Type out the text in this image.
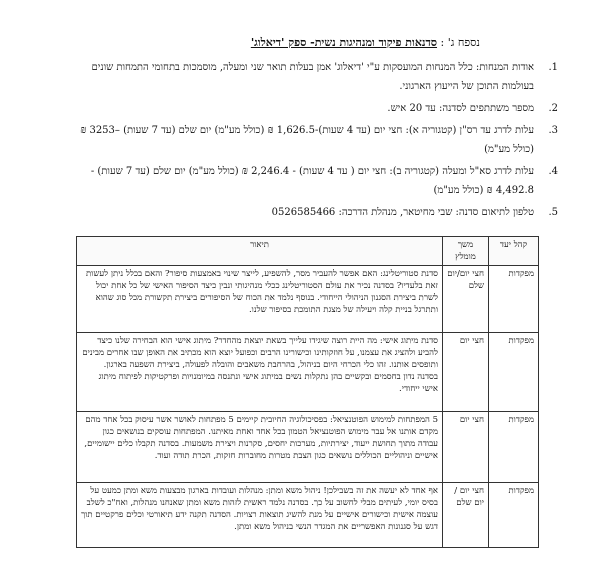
נספח ג' : סדנאות פיקוד ומנהיגות נשית- ספק 'דיאלוג'
1.
אודות המנחות: כלל המנחות המועסקות ע"י 'דיאלוג' אמן בעלות תואר שני ומעלה, מוסמכות בתחומי התמחות שונים בעולמות התוכן של הייעוץ הארגוני.
2.
מספר משתתפים לסדנה: עד 20 איש.
3.
עלות לדרג עד רס"ן (קטגוריה א): חצי יום (עד 4 שעות)-1,626.5 ₪ (כולל מע"מ) יום שלם (עד 7 שעות) –3253 ₪ (כולל מע"מ)
4.
עלות לדרג סא"ל ומעלה (קטגוריה ב): חצי יום ( עד 4 שעות) - 2,246.4 ₪ (כולל מע"מ) יום שלם (עד 7 שעות) - 4,492.8 ₪ (כולל מע"מ)
5.
טלפון לתיאום סדנה: שבי מחיטאר, מנהלת הדרכה: 0526585466
קהל יעד	משך מומלץ	תיאור
מפקדות	חצי יום/יום שלם	סדנת סטוריטלינג: האם אפשר להעביר מסר, להשפיע, לייצר שינוי באמצעות סיפור? והאם בכלל ניתן לעשות זאת בלעדיו? בסדנה נכיר את עולם הסטוריטלינג ככלי מנהיגותי ונבין כיצד הסיפור האישי של כל אחת יכול לשרת ביצירת הסגנון הניהולי הייחודי. בנוסף נלמד את הכוח של הסיפורים ביצירת תקשורת מכל סוג שהוא ותתרגל בניית קלה ויעילה של מצגת התומכת בסיפור שלנו.
מפקדות	חצי יום	סדנת מיתוג אישי: מה היית רוצה שיגידו עלייך בשאת יוצאת מהחדר? מיתוג אישי הוא הבחירה שלנו כיצד להביע ולהציג את עצמנו, על חוזקותינו וכישורינו הרבים וכפועל יוצא הוא מכתיב את האופן שבו אחרים מבינים ותופסים אותנו. זהו כלי הכרחי היום בניהול, בהרחבת משאבים והובלה לפעולה, ביצירת השפעה בארגון. בסדנה נדון בחסמים ובקשיים בהן נתקלות נשים במיתוג אישי ונתנסה במיומנויות ופרקטיקות לפיתוח מיתוג אישי ייחודי.
מפקדות	חצי יום	5 המפתחות למימוש הפוטנציאל: בפסיכולוגיה החיובית קיימים 5 מפתחות לאושר אשר עיסוק בכל אחד מהם מקדם אותנו אל עבר מימוש הפוטנציאל הטמון בכל אחד ואחת מאיתנו. המפתחות עוסקים בנושאים כגון עבודה מתוך תחושת ייעוד, יצירתיות, מערכות יחסים, סקרנות ויצירת משמעות. בסדנה תקבלו כלים יישומיים, אישיים וניהוליים הכוללים נושאים כגון הצבת מטרות מחוברות חזקות, הכרת תודה ועוד.
מפקדות	חצי יום / יום שלם	אף אחד לא יעשה את זה בשבילכן! ניהול משא ומתן: מנהלות ועובדות בארגון מבצעות משא ומתן כמעט על בסיס יומי, לעיתים מבלי לחשוב על כך. בסדנה נלמד ראשית לזהות משא ומתן שאנחנו מנהלות, ואח"כ לשלב עוצמה אישית וכישורים אישיים על מנת להשיג תוצאות רצויות. הסדנה תקנה ידע תיאורטי וכלים פרקטיים תוך דגש על סגנונות האפשריים את המגדר הנשי בניהול משא ומתן.
